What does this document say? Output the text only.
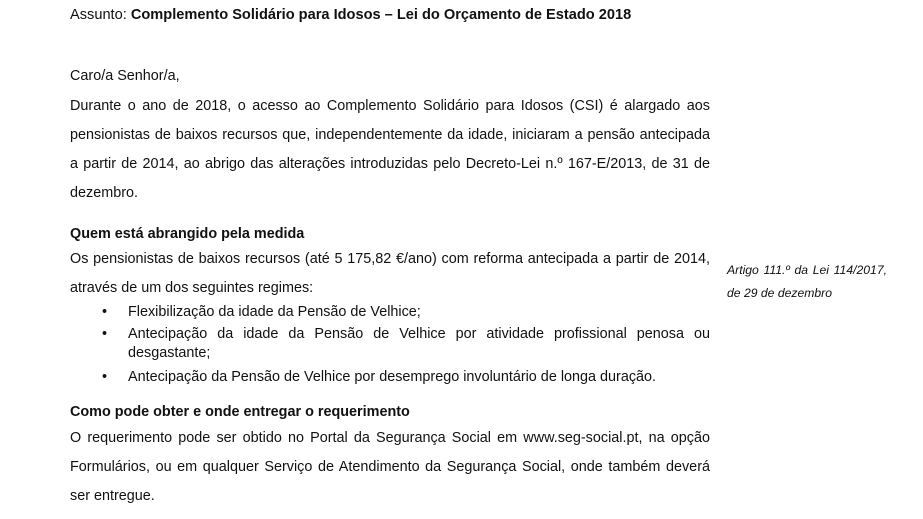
Assunto: Complemento Solidário para Idosos – Lei do Orçamento de Estado 2018
Caro/a Senhor/a,

Durante o ano de 2018, o acesso ao Complemento Solidário para Idosos (CSI) é alargado aos pensionistas de baixos recursos que, independentemente da idade, iniciaram a pensão antecipada a partir de 2014, ao abrigo das alterações introduzidas pelo Decreto-Lei n.º 167-E/2013, de 31 de dezembro.

Quem está abrangido pela medida

Os pensionistas de baixos recursos (até 5 175,82 €/ano) com reforma antecipada a partir de 2014, através de um dos seguintes regimes:

• Flexibilização da idade da Pensão de Velhice;
• Antecipação da idade da Pensão de Velhice por atividade profissional penosa ou desgastante;
• Antecipação da Pensão de Velhice por desemprego involuntário de longa duração.
Como pode obter e onde entregar o requerimento

O requerimento pode ser obtido no Portal da Segurança Social em www.seg-social.pt, na opção Formulários, ou em qualquer Serviço de Atendimento da Segurança Social, onde também deverá ser entregue.

Artigo 111.º da Lei 114/2017, de 29 de dezembro
